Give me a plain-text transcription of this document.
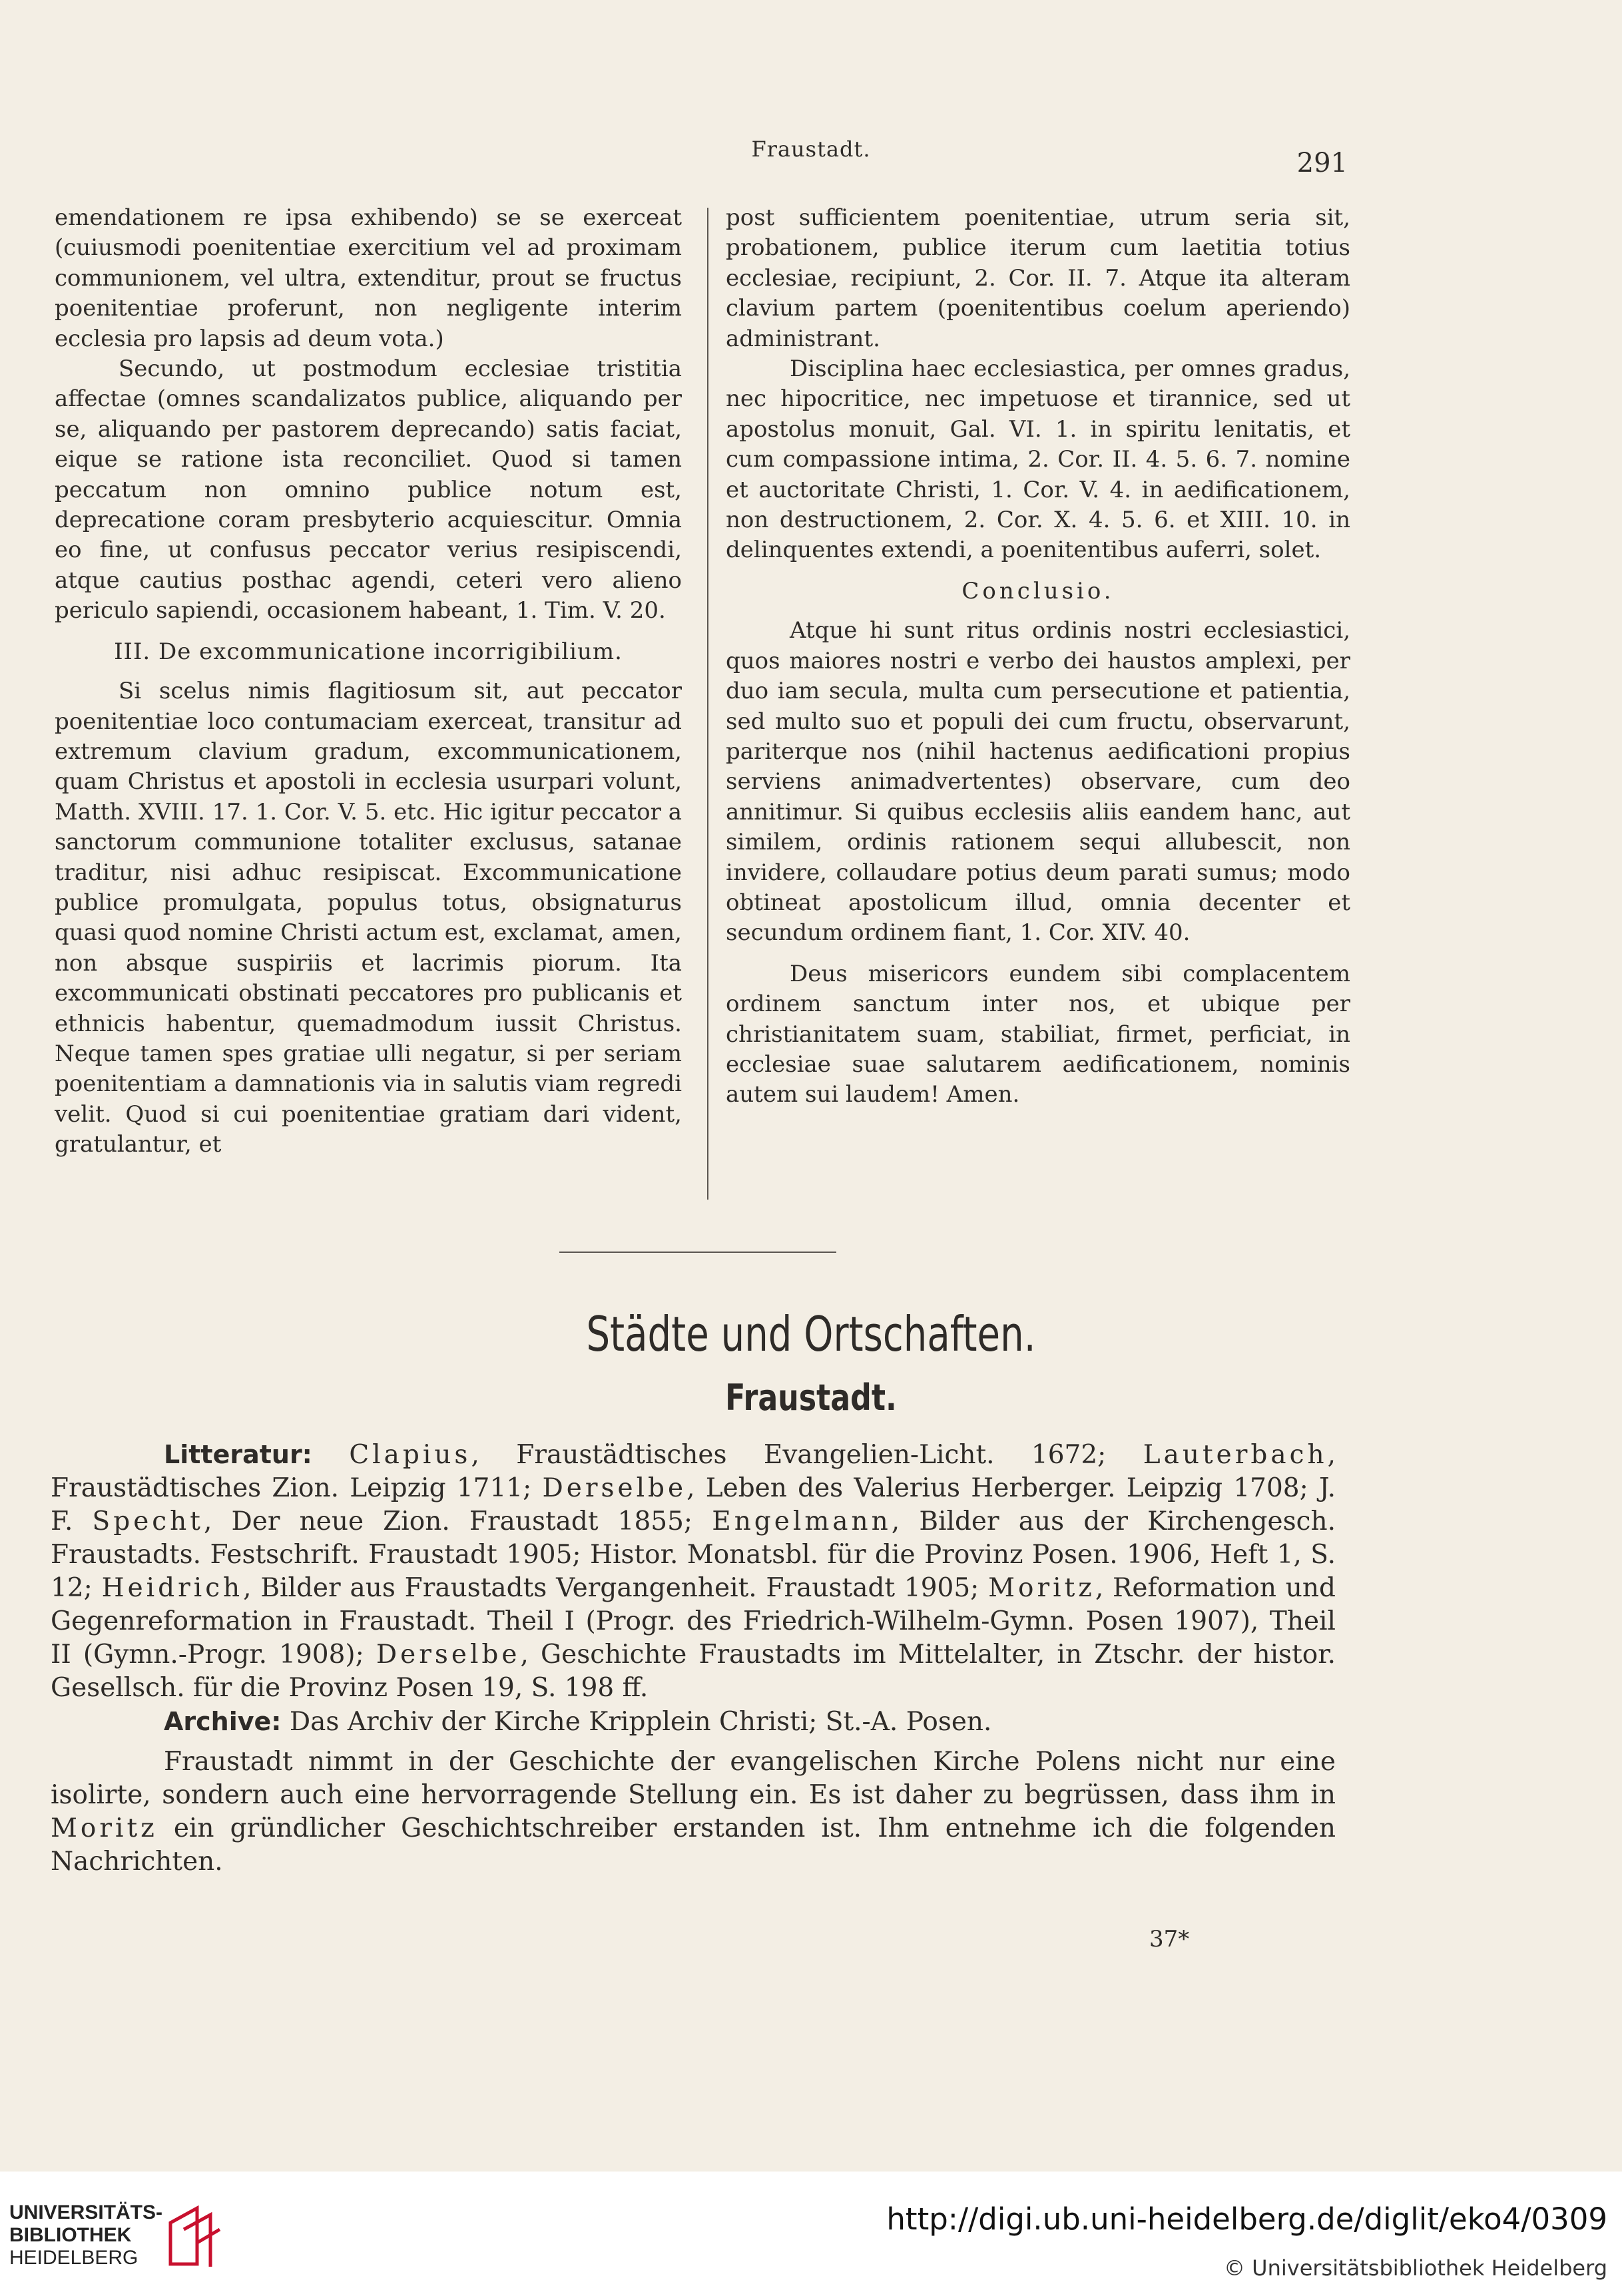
Fraustadt.	291

emendationem re ipsa exhibendo) se se exerceat (cuiusmodi poenitentiae exercitium vel ad proximam communionem, vel ultra, extenditur, prout se fructus poenitentiae proferunt, non negligente interim ecclesia pro lapsis ad deum vota.)

Secundo, ut postmodum ecclesiae tristitia affectae (omnes scandalizatos publice, aliquando per se, aliquando per pastorem deprecando) satis faciat, eique se ratione ista reconciliet. Quod si tamen peccatum non omnino publice notum est, deprecatione coram presbyterio acquiescitur. Omnia eo fine, ut confusus peccator verius resipiscendi, atque cautius posthac agendi, ceteri vero alieno periculo sapiendi, occasionem habeant, 1. Tim. V. 20.

III. De excommunicatione incorrigibilium.

Si scelus nimis flagitiosum sit, aut peccator poenitentiae loco contumaciam exerceat, transitur ad extremum clavium gradum, excommunicationem, quam Christus et apostoli in ecclesia usurpari volunt, Matth. XVIII. 17. 1. Cor. V. 5. etc. Hic igitur peccator a sanctorum communione totaliter exclusus, satanae traditur, nisi adhuc resipiscat. Excommunicatione publice promulgata, populus totus, obsignaturus quasi quod nomine Christi actum est, exclamat, amen, non absque suspiriis et lacrimis piorum. Ita excommunicati obstinati peccatores pro publicanis et ethnicis habentur, quemadmodum iussit Christus. Neque tamen spes gratiae ulli negatur, si per seriam poenitentiam a damnationis via in salutis viam regredi velit. Quod si cui poenitentiae gratiam dari vident, gratulantur, et

post sufficientem poenitentiae, utrum seria sit, probationem, publice iterum cum laetitia totius ecclesiae, recipiunt, 2. Cor. II. 7. Atque ita alteram clavium partem (poenitentibus coelum aperiendo) administrant.

Disciplina haec ecclesiastica, per omnes gradus, nec hipocritice, nec impetuose et tirannice, sed ut apostolus monuit, Gal. VI. 1. in spiritu lenitatis, et cum compassione intima, 2. Cor. II. 4. 5. 6. 7. nomine et auctoritate Christi, 1. Cor. V. 4. in aedificationem, non destructionem, 2. Cor. X. 4. 5. 6. et XIII. 10. in delinquentes extendi, a poenitentibus auferri, solet.

Conclusio.

Atque hi sunt ritus ordinis nostri ecclesiastici, quos maiores nostri e verbo dei haustos amplexi, per duo iam secula, multa cum persecutione et patientia, sed multo suo et populi dei cum fructu, observarunt, pariterque nos (nihil hactenus aedificationi propius serviens animadvertentes) observare, cum deo annitimur. Si quibus ecclesiis aliis eandem hanc, aut similem, ordinis rationem sequi allubescit, non invidere, collaudare potius deum parati sumus; modo obtineat apostolicum illud, omnia decenter et secundum ordinem fiant, 1. Cor. XIV. 40.

Deus misericors eundem sibi complacentem ordinem sanctum inter nos, et ubique per christianitatem suam, stabiliat, firmet, perficiat, in ecclesiae suae salutarem aedificationem, nominis autem sui laudem! Amen.

Städte und Ortschaften.
Fraustadt.

Litteratur: Clapius, Fraustädtisches Evangelien-Licht. 1672; Lauterbach, Fraustädtisches Zion. Leipzig 1711; Derselbe, Leben des Valerius Herberger. Leipzig 1708; J. F. Specht, Der neue Zion. Fraustadt 1855; Engelmann, Bilder aus der Kirchengesch. Fraustadts. Festschrift. Fraustadt 1905; Histor. Monatsbl. für die Provinz Posen. 1906, Heft 1, S. 12; Heidrich, Bilder aus Fraustadts Vergangenheit. Fraustadt 1905; Moritz, Reformation und Gegenreformation in Fraustadt. Theil I (Progr. des Friedrich-Wilhelm-Gymn. Posen 1907), Theil II (Gymn.-Progr. 1908); Derselbe, Geschichte Fraustadts im Mittelalter, in Ztschr. der histor. Gesellsch. für die Provinz Posen 19, S. 198 ff.

Archive: Das Archiv der Kirche Kripplein Christi; St.-A. Posen.

Fraustadt nimmt in der Geschichte der evangelischen Kirche Polens nicht nur eine isolirte, sondern auch eine hervorragende Stellung ein. Es ist daher zu begrüssen, dass ihm in Moritz ein gründlicher Geschichtschreiber erstanden ist. Ihm entnehme ich die folgenden Nachrichten.

37*
UNIVERSITÄTS-
BIBLIOTHEK
HEIDELBERG
http://digi.ub.uni-heidelberg.de/diglit/eko4/0309
© Universitätsbibliothek Heidelberg
